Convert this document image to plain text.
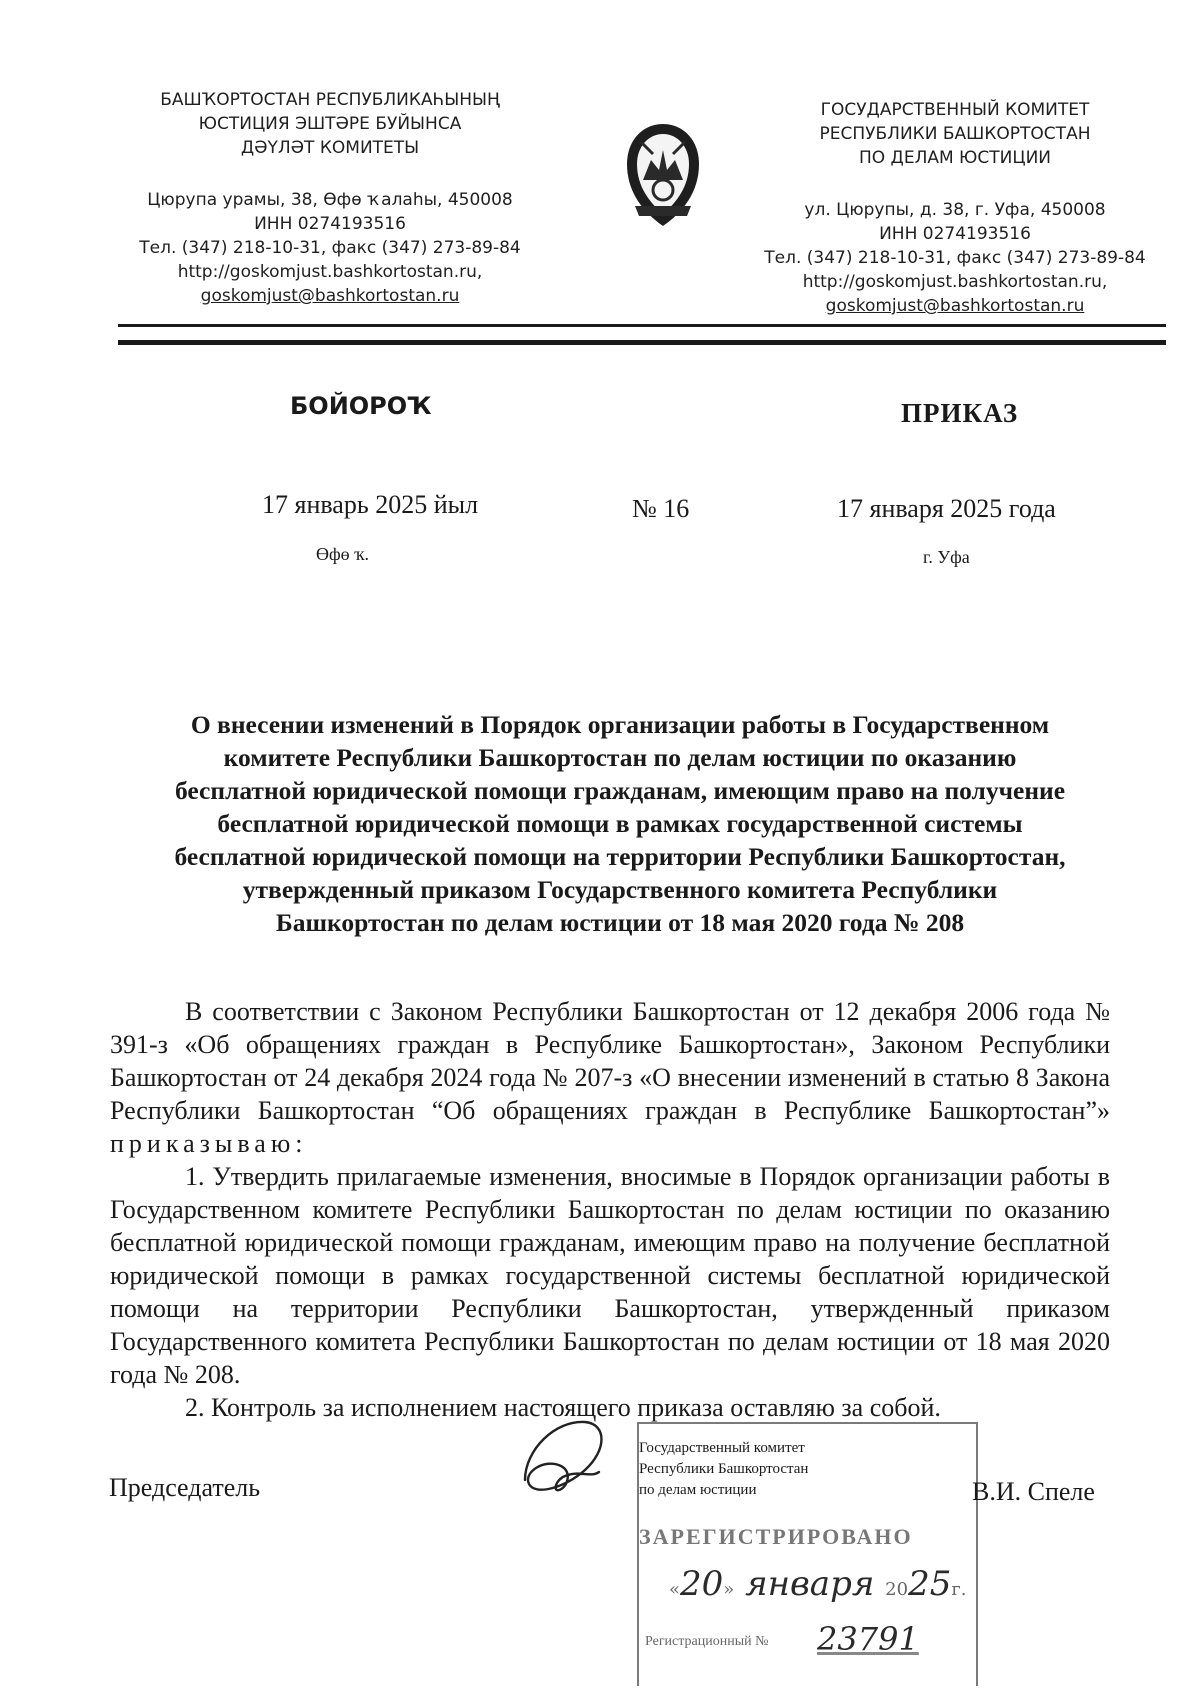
БАШҠОРТОСТАН РЕСПУБЛИКАҺЫНЫҢ
ЮСТИЦИЯ ЭШТӘРЕ БУЙЫНСА
ДӘҮЛӘТ КОМИТЕТЫ
Цюрупа урамы, 38, Өфө ҡалаһы, 450008
ИНН 0274193516
Тел. (347) 218-10-31, факс (347) 273-89-84
http://goskomjust.bashkortostan.ru,
goskomjust@bashkortostan.ru
ГОСУДАРСТВЕННЫЙ КОМИТЕТ
РЕСПУБЛИКИ БАШКОРТОСТАН
ПО ДЕЛАМ ЮСТИЦИИ
ул. Цюрупы, д. 38, г. Уфа, 450008
ИНН 0274193516
Тел. (347) 218-10-31, факс (347) 273-89-84
http://goskomjust.bashkortostan.ru,
goskomjust@bashkortostan.ru
БОЙОРОҠ	ПРИКАЗ
17 январь 2025 йыл	№ 16	17 января 2025 года
Өфө ҡ.	г. Уфа
О внесении изменений в Порядок организации работы в Государственном
комитете Республики Башкортостан по делам юстиции по оказанию
бесплатной юридической помощи гражданам, имеющим право на получение
бесплатной юридической помощи в рамках государственной системы
бесплатной юридической помощи на территории Республики Башкортостан,
утвержденный приказом Государственного комитета Республики
Башкортостан по делам юстиции от 18 мая 2020 года № 208

В соответствии с Законом Республики Башкортостан от 12 декабря 2006 года № 391-з «Об обращениях граждан в Республике Башкортостан», Законом Республики Башкортостан от 24 декабря 2024 года № 207-з «О внесении изменений в статью 8 Закона Республики Башкортостан “Об обращениях граждан в Республике Башкортостан”» приказываю:

1. Утвердить прилагаемые изменения, вносимые в Порядок организации работы в Государственном комитете Республики Башкортостан по делам юстиции по оказанию бесплатной юридической помощи гражданам, имеющим право на получение бесплатной юридической помощи в рамках государственной системы бесплатной юридической помощи на территории Республики Башкортостан, утвержденный приказом Государственного комитета Республики Башкортостан по делам юстиции от 18 мая 2020 года № 208.

2. Контроль за исполнением настоящего приказа оставляю за собой.

Председатель
Государственный комитет
Республики Башкортостан
по делам юстиции
ЗАРЕГИСТРИРОВАНО
«20» января 2025г.
Регистрационный № 23791
В.И. Спеле
